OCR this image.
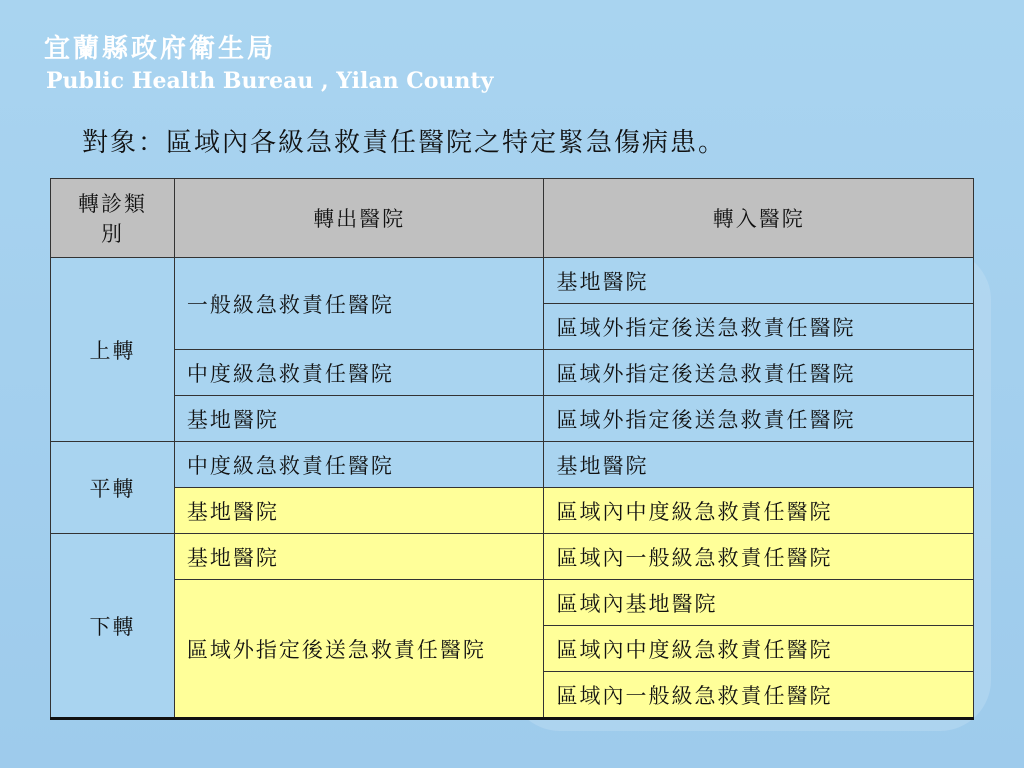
宜蘭縣政府衛生局
Public Health Bureau , Yilan County
對象：區域內各級急救責任醫院之特定緊急傷病患。
轉診類別	轉出醫院	轉入醫院
上轉	一般級急救責任醫院	基地醫院
		區域外指定後送急救責任醫院
	中度級急救責任醫院	區域外指定後送急救責任醫院
	基地醫院	區域外指定後送急救責任醫院
平轉	中度級急救責任醫院	基地醫院
	基地醫院	區域內中度級急救責任醫院
下轉	基地醫院	區域內一般級急救責任醫院
	區域外指定後送急救責任醫院	區域內基地醫院
		區域內中度級急救責任醫院
		區域內一般級急救責任醫院
